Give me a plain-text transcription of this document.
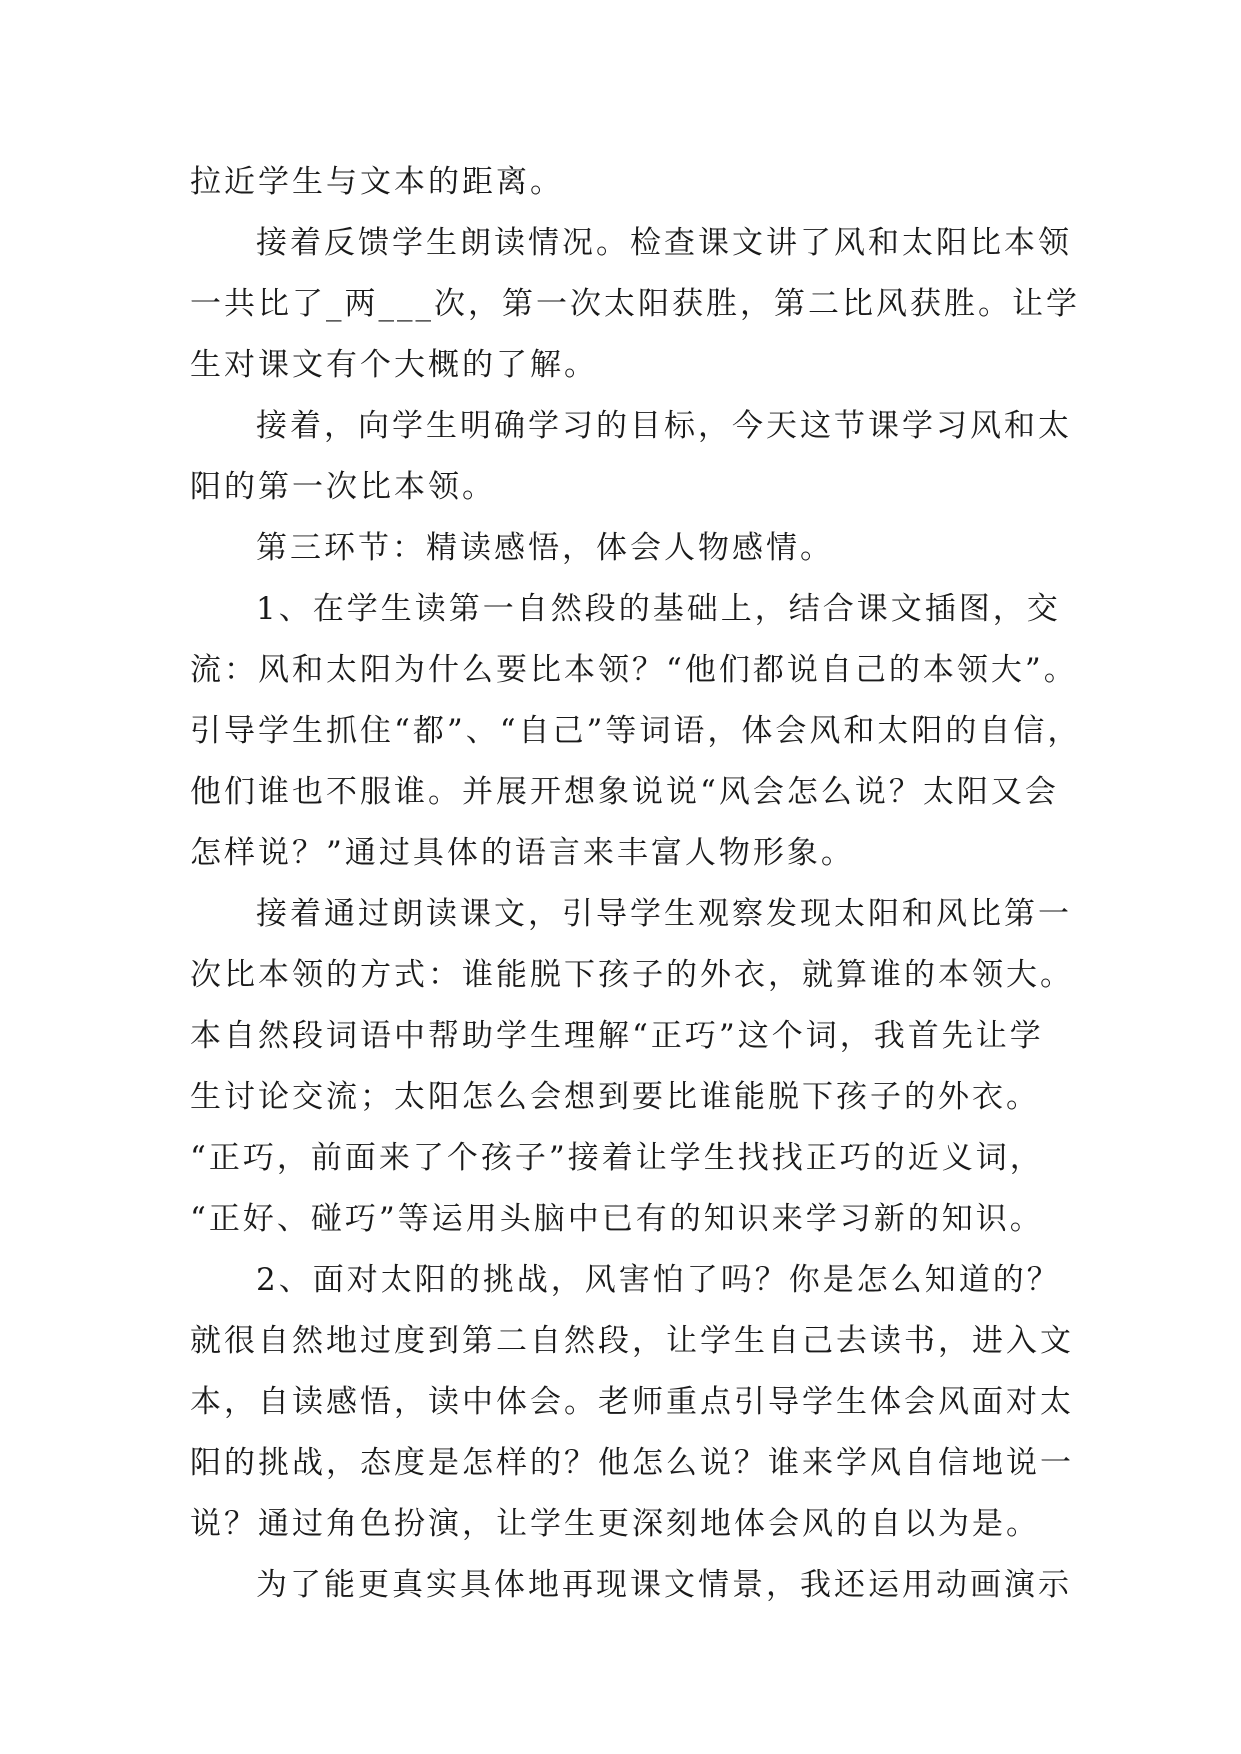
拉近学生与文本的距离。
接着反馈学生朗读情况。检查课文讲了风和太阳比本领
一共比了_两___次，第一次太阳获胜，第二比风获胜。让学
生对课文有个大概的了解。
接着，向学生明确学习的目标，今天这节课学习风和太
阳的第一次比本领。
第三环节：精读感悟，体会人物感情。
1、在学生读第一自然段的基础上，结合课文插图，交
流：风和太阳为什么要比本领？“他们都说自己的本领大”。
引导学生抓住“都”、“自己”等词语，体会风和太阳的自信，
他们谁也不服谁。并展开想象说说“风会怎么说？太阳又会
怎样说？”通过具体的语言来丰富人物形象。
接着通过朗读课文，引导学生观察发现太阳和风比第一
次比本领的方式：谁能脱下孩子的外衣，就算谁的本领大。
本自然段词语中帮助学生理解“正巧”这个词，我首先让学
生讨论交流；太阳怎么会想到要比谁能脱下孩子的外衣。
“正巧，前面来了个孩子”接着让学生找找正巧的近义词，
“正好、碰巧”等运用头脑中已有的知识来学习新的知识。
2、面对太阳的挑战，风害怕了吗？你是怎么知道的？
就很自然地过度到第二自然段，让学生自己去读书，进入文
本，自读感悟，读中体会。老师重点引导学生体会风面对太
阳的挑战，态度是怎样的？他怎么说？谁来学风自信地说一
说？通过角色扮演，让学生更深刻地体会风的自以为是。
为了能更真实具体地再现课文情景，我还运用动画演示
